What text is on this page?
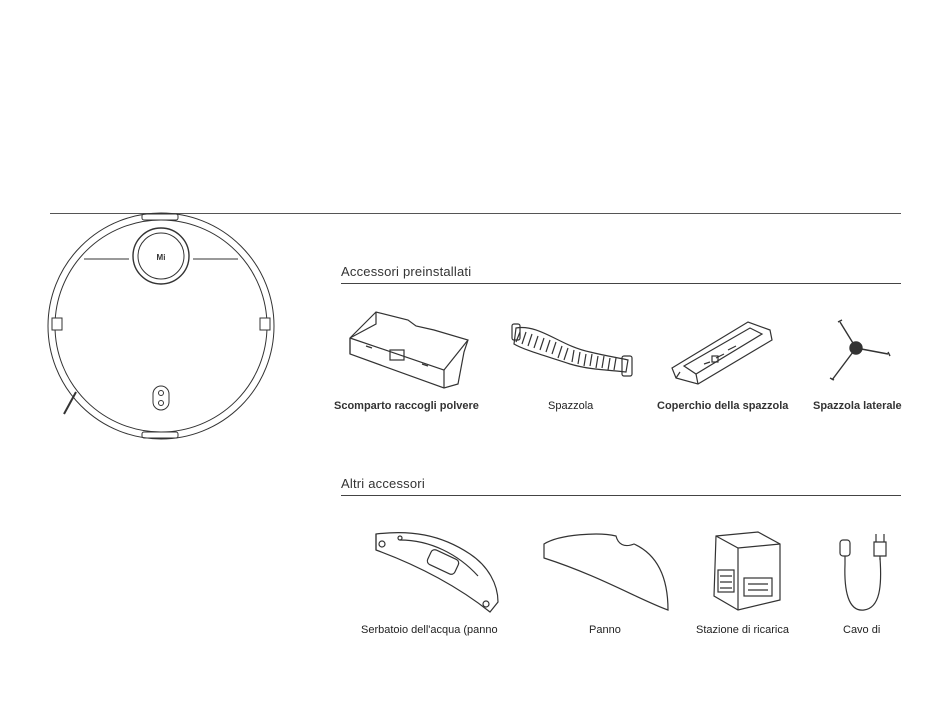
Mi
Accessori preinstallati
Scomparto raccogli polvere	Spazzola	Coperchio della spazzola Spazzola laterale
Altri accessori
Serbatoio dell'acqua (panno	Panno	Stazione di ricarica	Cavo di
